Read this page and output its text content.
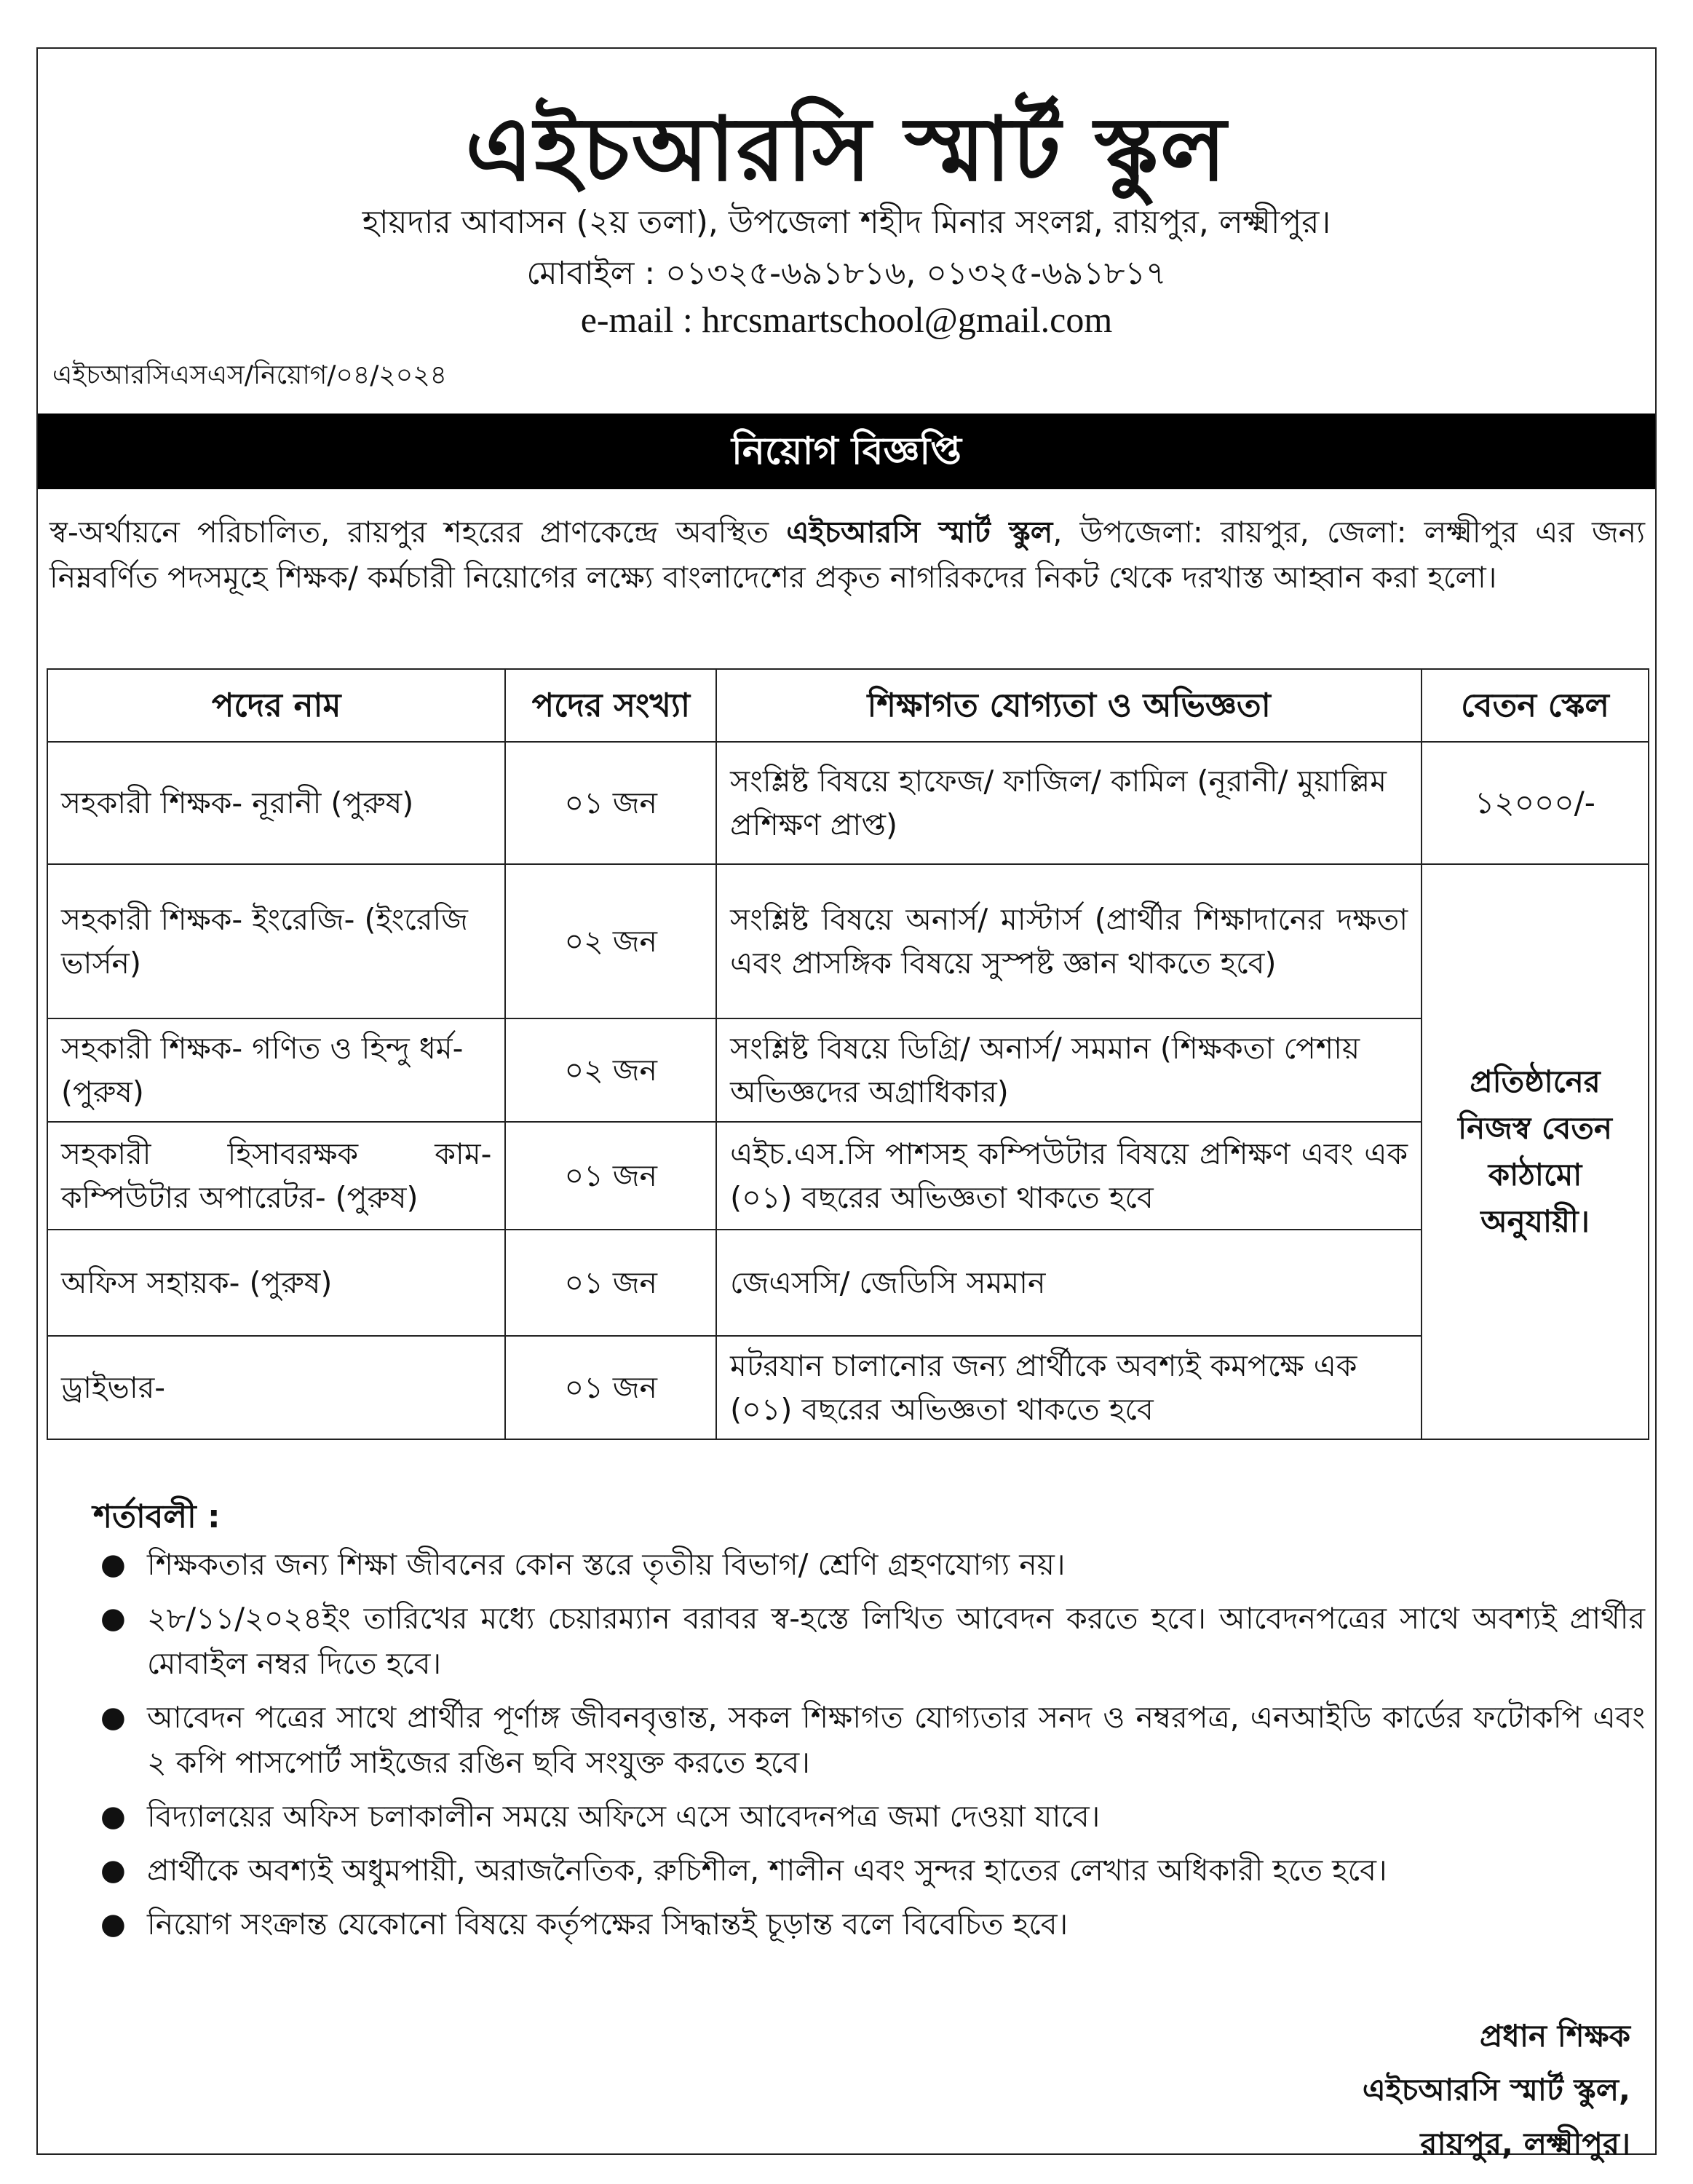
এইচআরসি স্মার্ট স্কুল
হায়দার আবাসন (২য় তলা), উপজেলা শহীদ মিনার সংলগ্ন, রায়পুর, লক্ষ্মীপুর।
মোবাইল : ০১৩২৫-৬৯১৮১৬, ০১৩২৫-৬৯১৮১৭
e-mail : hrcsmartschool@gmail.com
এইচআরসিএসএস/নিয়োগ/০৪/২০২৪
নিয়োগ বিজ্ঞপ্তি
স্ব-অর্থায়নে পরিচালিত, রায়পুর শহরের প্রাণকেন্দ্রে অবস্থিত এইচআরসি স্মার্ট স্কুল, উপজেলা: রায়পুর, জেলা: লক্ষ্মীপুর এর জন্য নিম্নবর্ণিত পদসমূহে শিক্ষক/ কর্মচারী নিয়োগের লক্ষ্যে বাংলাদেশের প্রকৃত নাগরিকদের নিকট থেকে দরখাস্ত আহ্বান করা হলো।
পদের নাম	পদের সংখ্যা	শিক্ষাগত যোগ্যতা ও অভিজ্ঞতা	বেতন স্কেল
সহকারী শিক্ষক- নূরানী (পুরুষ)	০১ জন	সংশ্লিষ্ট বিষয়ে হাফেজ/ ফাজিল/ কামিল (নূরানী/ মুয়াল্লিম প্রশিক্ষণ প্রাপ্ত)	১২০০০/-
সহকারী শিক্ষক- ইংরেজি- (ইংরেজি ভার্সন)	০২ জন	সংশ্লিষ্ট বিষয়ে অনার্স/ মাস্টার্স (প্রার্থীর শিক্ষাদানের দক্ষতা এবং প্রাসঙ্গিক বিষয়ে সুস্পষ্ট জ্ঞান থাকতে হবে)	প্রতিষ্ঠানের নিজস্ব বেতন কাঠামো অনুযায়ী।
সহকারী শিক্ষক- গণিত ও হিন্দু ধর্ম- (পুরুষ)	০২ জন	সংশ্লিষ্ট বিষয়ে ডিগ্রি/ অনার্স/ সমমান (শিক্ষকতা পেশায় অভিজ্ঞদের অগ্রাধিকার)	
সহকারী হিসাবরক্ষক কাম- কম্পিউটার অপারেটর- (পুরুষ)	০১ জন	এইচ.এস.সি পাশসহ কম্পিউটার বিষয়ে প্রশিক্ষণ এবং এক (০১) বছরের অভিজ্ঞতা থাকতে হবে	
অফিস সহায়ক- (পুরুষ)	০১ জন	জেএসসি/ জেডিসি সমমান	
ড্রাইভার-	০১ জন	মটরযান চালানোর জন্য প্রার্থীকে অবশ্যই কমপক্ষে এক (০১) বছরের অভিজ্ঞতা থাকতে হবে	
শর্তাবলী :
● শিক্ষকতার জন্য শিক্ষা জীবনের কোন স্তরে তৃতীয় বিভাগ/ শ্রেণি গ্রহণযোগ্য নয়।
● ২৮/১১/২০২৪ইং তারিখের মধ্যে চেয়ারম্যান বরাবর স্ব-হস্তে লিখিত আবেদন করতে হবে। আবেদনপত্রের সাথে অবশ্যই প্রার্থীর মোবাইল নম্বর দিতে হবে।
● আবেদন পত্রের সাথে প্রার্থীর পূর্ণাঙ্গ জীবনবৃত্তান্ত, সকল শিক্ষাগত যোগ্যতার সনদ ও নম্বরপত্র, এনআইডি কার্ডের ফটোকপি এবং ২ কপি পাসপোর্ট সাইজের রঙিন ছবি সংযুক্ত করতে হবে।
● বিদ্যালয়ের অফিস চলাকালীন সময়ে অফিসে এসে আবেদনপত্র জমা দেওয়া যাবে।
● প্রার্থীকে অবশ্যই অধুমপায়ী, অরাজনৈতিক, রুচিশীল, শালীন এবং সুন্দর হাতের লেখার অধিকারী হতে হবে।
● নিয়োগ সংক্রান্ত যেকোনো বিষয়ে কর্তৃপক্ষের সিদ্ধান্তই চূড়ান্ত বলে বিবেচিত হবে।
প্রধান শিক্ষক
এইচআরসি স্মার্ট স্কুল,
রায়পুর, লক্ষ্মীপুর।
